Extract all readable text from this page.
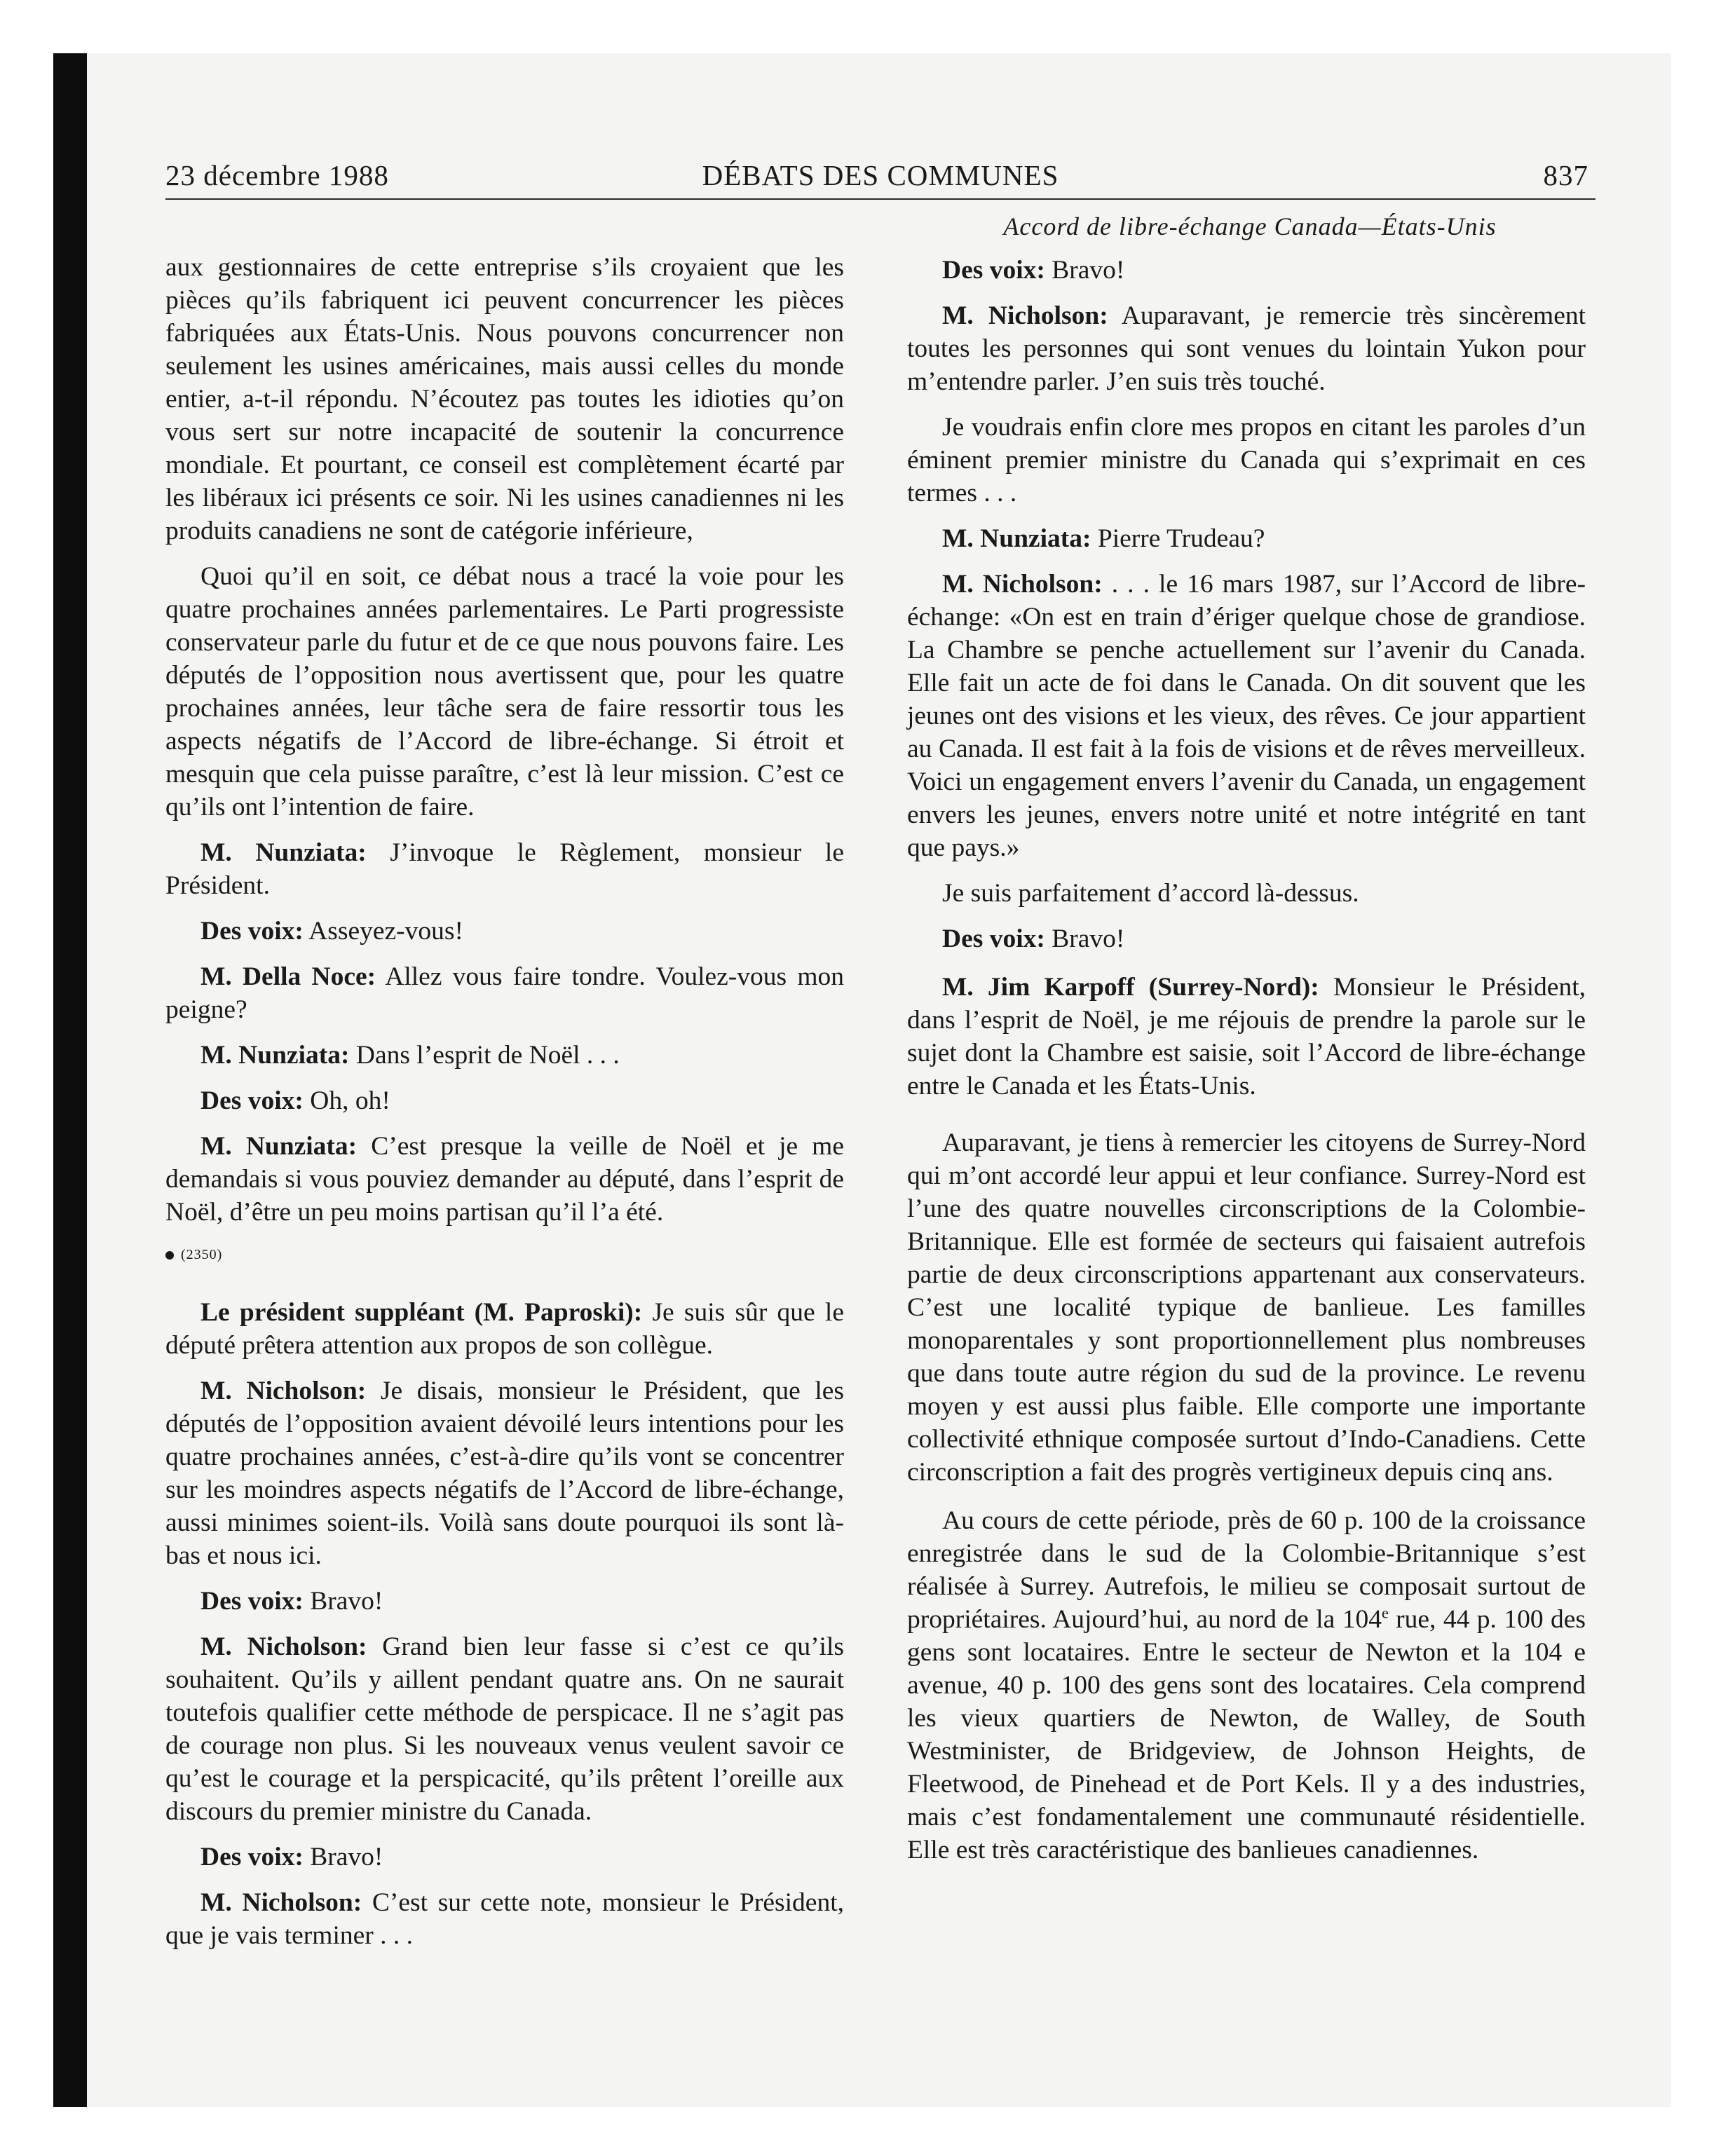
23 décembre 1988	DÉBATS DES COMMUNES	837
Accord de libre-échange Canada—États-Unis

aux gestionnaires de cette entreprise s’ils croyaient que les pièces qu’ils fabriquent ici peuvent concurrencer les pièces fabriquées aux États-Unis. Nous pouvons concurrencer non seulement les usines américaines, mais aussi celles du monde entier, a-t-il répondu. N’écoutez pas toutes les idioties qu’on vous sert sur notre incapacité de soutenir la concurrence mondiale. Et pourtant, ce conseil est complètement écarté par les libéraux ici présents ce soir. Ni les usines canadiennes ni les produits canadiens ne sont de catégorie inférieure,

Quoi qu’il en soit, ce débat nous a tracé la voie pour les quatre prochaines années parlementaires. Le Parti progressiste conservateur parle du futur et de ce que nous pouvons faire. Les députés de l’opposition nous avertissent que, pour les quatre prochaines années, leur tâche sera de faire ressortir tous les aspects négatifs de l’Accord de libre-échange. Si étroit et mesquin que cela puisse paraître, c’est là leur mission. C’est ce qu’ils ont l’intention de faire.

M. Nunziata: J’invoque le Règlement, monsieur le Président.

Des voix: Asseyez-vous!

M. Della Noce: Allez vous faire tondre. Voulez-vous mon peigne?

M. Nunziata: Dans l’esprit de Noël . . .

Des voix: Oh, oh!

M. Nunziata: C’est presque la veille de Noël et je me demandais si vous pouviez demander au député, dans l’esprit de Noël, d’être un peu moins partisan qu’il l’a été.

(2350)

Le président suppléant (M. Paproski): Je suis sûr que le député prêtera attention aux propos de son collègue.

M. Nicholson: Je disais, monsieur le Président, que les députés de l’opposition avaient dévoilé leurs intentions pour les quatre prochaines années, c’est-à-dire qu’ils vont se concentrer sur les moindres aspects négatifs de l’Accord de libre-échange, aussi minimes soient-ils. Voilà sans doute pourquoi ils sont là-bas et nous ici.

Des voix: Bravo!

M. Nicholson: Grand bien leur fasse si c’est ce qu’ils souhaitent. Qu’ils y aillent pendant quatre ans. On ne saurait toutefois qualifier cette méthode de perspicace. Il ne s’agit pas de courage non plus. Si les nouveaux venus veulent savoir ce qu’est le courage et la perspicacité, qu’ils prêtent l’oreille aux discours du premier ministre du Canada.

Des voix: Bravo!

M. Nicholson: C’est sur cette note, monsieur le Président, que je vais terminer . . .

Des voix: Bravo!

M. Nicholson: Auparavant, je remercie très sincèrement toutes les personnes qui sont venues du lointain Yukon pour m’entendre parler. J’en suis très touché.

Je voudrais enfin clore mes propos en citant les paroles d’un éminent premier ministre du Canada qui s’exprimait en ces termes . . .

M. Nunziata: Pierre Trudeau?

M. Nicholson: . . . le 16 mars 1987, sur l’Accord de libre-échange: «On est en train d’ériger quelque chose de grandiose. La Chambre se penche actuellement sur l’avenir du Canada. Elle fait un acte de foi dans le Canada. On dit souvent que les jeunes ont des visions et les vieux, des rêves. Ce jour appartient au Canada. Il est fait à la fois de visions et de rêves merveilleux. Voici un engagement envers l’avenir du Canada, un engagement envers les jeunes, envers notre unité et notre intégrité en tant que pays.»

Je suis parfaitement d’accord là-dessus.

Des voix: Bravo!

M. Jim Karpoff (Surrey-Nord): Monsieur le Président, dans l’esprit de Noël, je me réjouis de prendre la parole sur le sujet dont la Chambre est saisie, soit l’Accord de libre-échange entre le Canada et les États-Unis.

Auparavant, je tiens à remercier les citoyens de Surrey-Nord qui m’ont accordé leur appui et leur confiance. Surrey-Nord est l’une des quatre nouvelles circonscriptions de la Colombie-Britannique. Elle est formée de secteurs qui faisaient autrefois partie de deux circonscriptions appartenant aux conservateurs. C’est une localité typique de banlieue. Les familles monoparentales y sont proportionnellement plus nombreuses que dans toute autre région du sud de la province. Le revenu moyen y est aussi plus faible. Elle comporte une importante collectivité ethnique composée surtout d’Indo-Canadiens. Cette circonscription a fait des progrès vertigineux depuis cinq ans.

Au cours de cette période, près de 60 p. 100 de la croissance enregistrée dans le sud de la Colombie-Britannique s’est réalisée à Surrey. Autrefois, le milieu se composait surtout de propriétaires. Aujourd’hui, au nord de la 104e rue, 44 p. 100 des gens sont locataires. Entre le secteur de Newton et la 104 e avenue, 40 p. 100 des gens sont des locataires. Cela comprend les vieux quartiers de Newton, de Walley, de South Westminister, de Bridgeview, de Johnson Heights, de Fleetwood, de Pinehead et de Port Kels. Il y a des industries, mais c’est fondamentalement une communauté résidentielle. Elle est très caractéristique des banlieues canadiennes.
